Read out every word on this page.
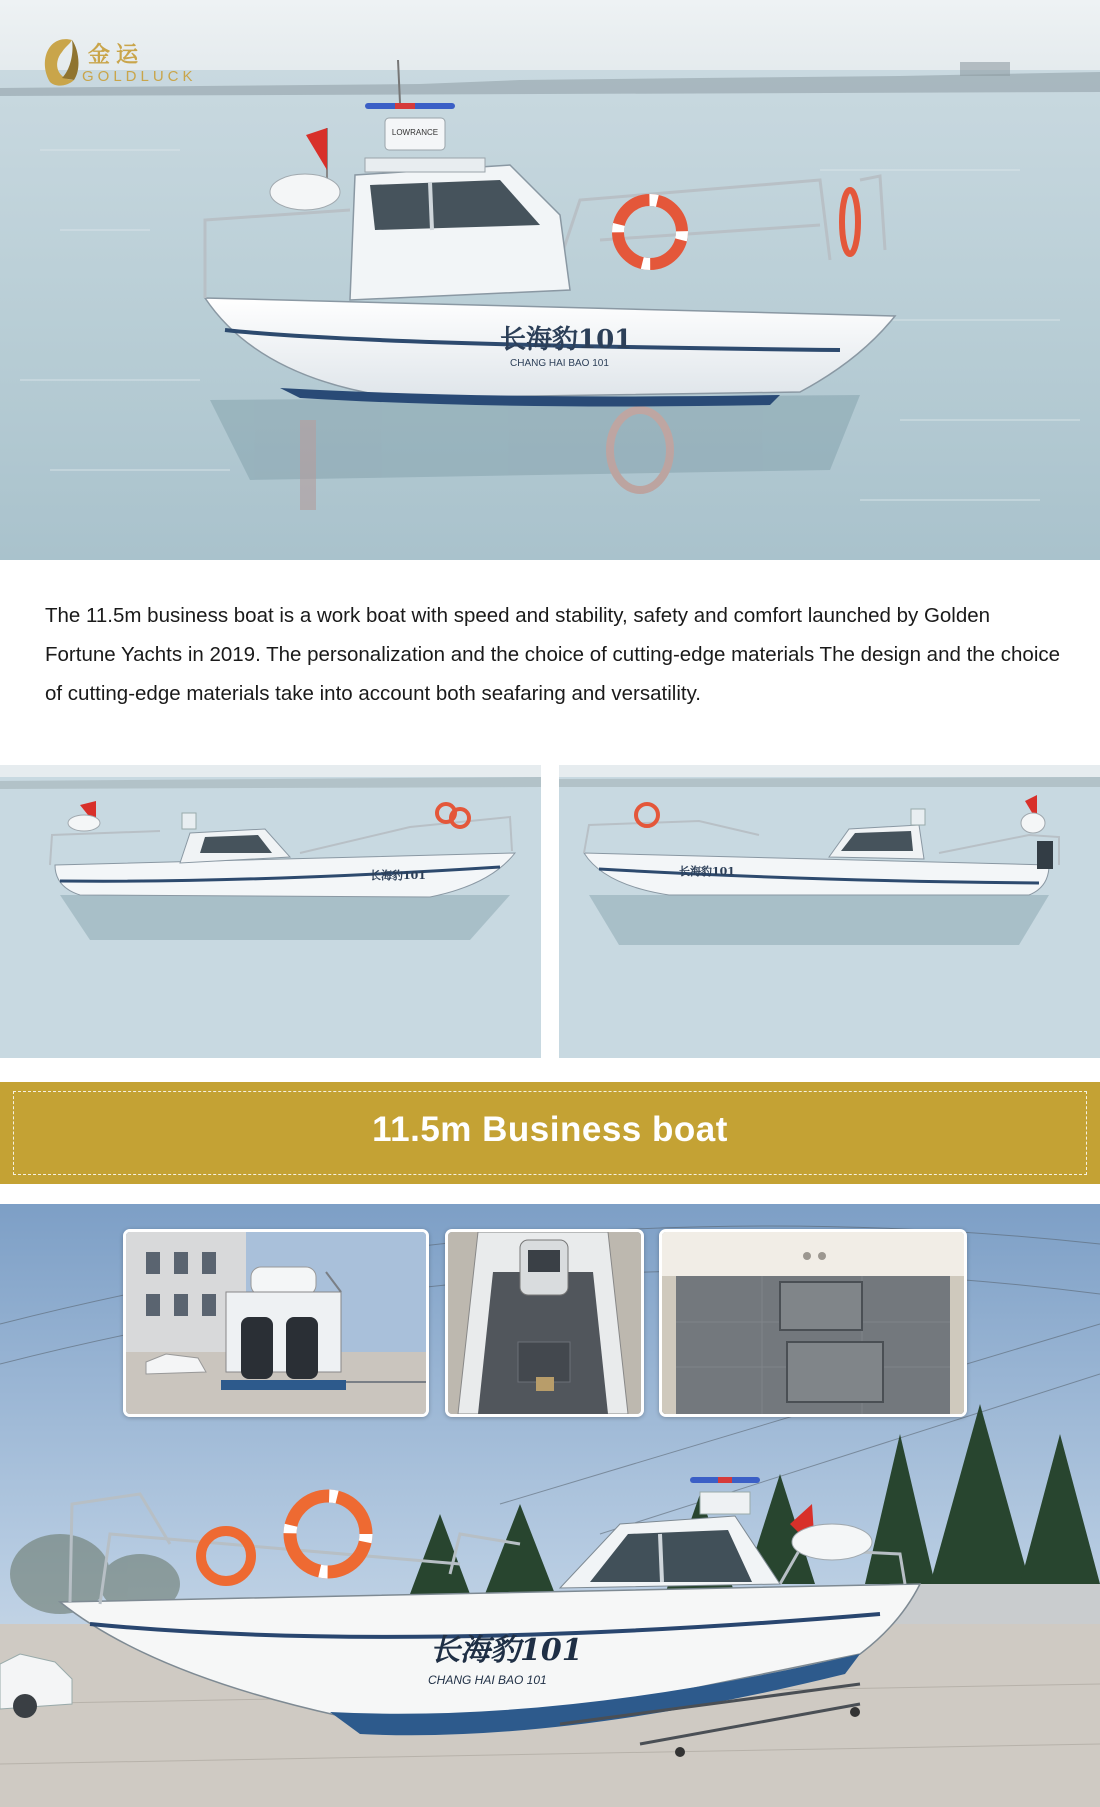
LOWRANCE
长海豹101
CHANG HAI BAO 101
金运
GOLDLUCK
The 11.5m business boat is a work boat with speed and stability, safety and comfort launched by Golden Fortune Yachts in 2019. The personalization and the choice of cutting-edge materials The design and the choice of cutting-edge materials take into account both seafaring and versatility.
长海豹101	长海豹101
11.5m Business boat
长海豹101
CHANG HAI BAO 101
